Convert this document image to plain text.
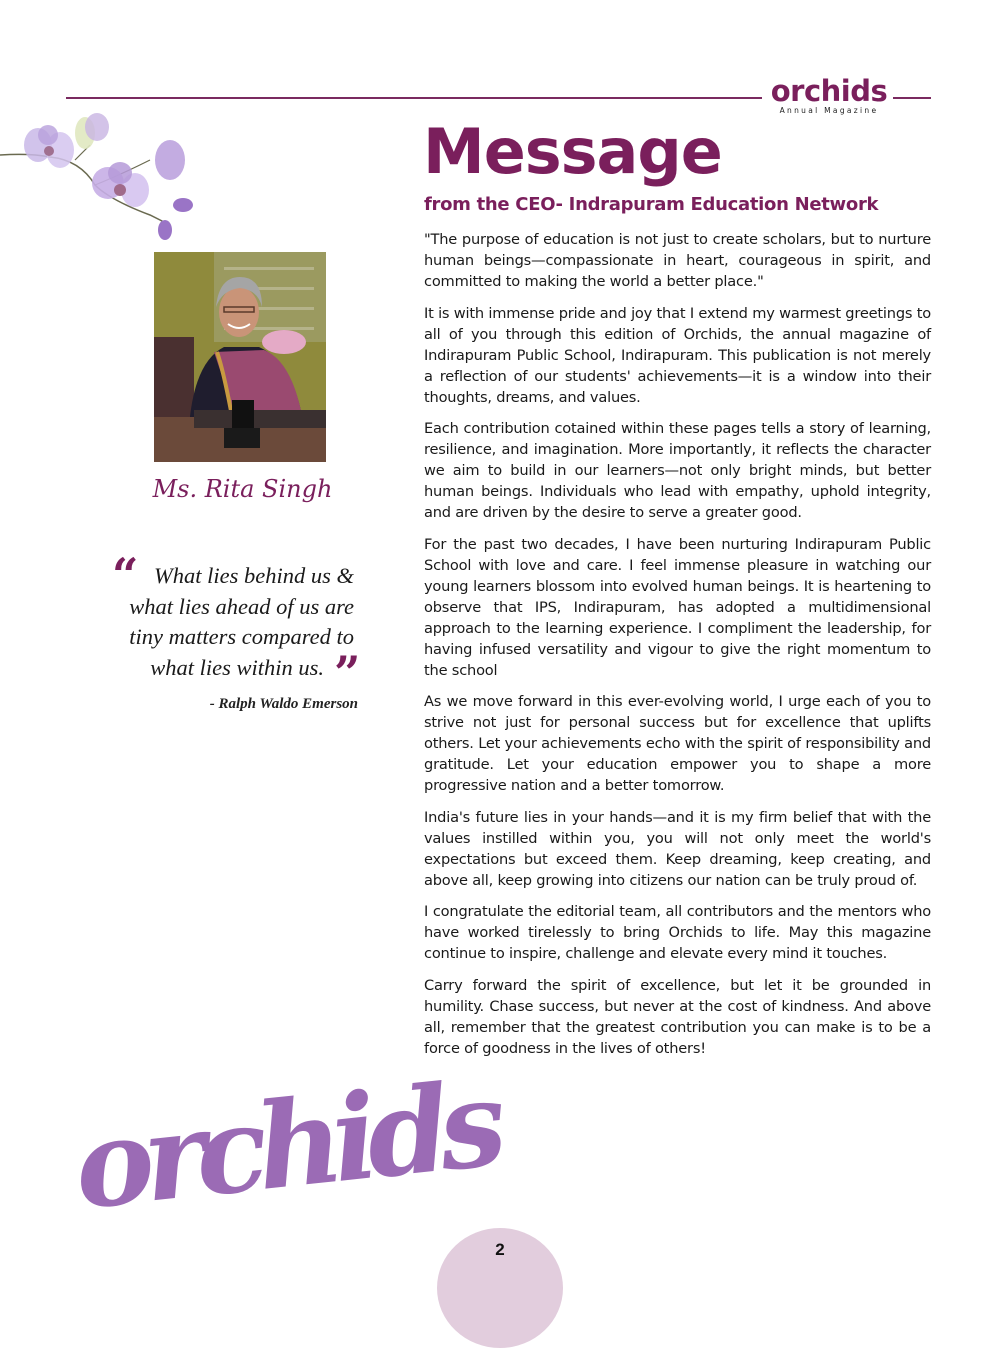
orchids
Annual Magazine
Message
from the CEO- Indrapuram Education Network

Ms. Rita Singh

“ What lies behind us &
what lies ahead of us are
tiny matters compared to
what lies within us. ”

- Ralph Waldo Emerson

"The purpose of education is not just to create scholars, but to nurture human beings—compassionate in heart, courageous in spirit, and committed to making the world a better place."

It is with immense pride and joy that I extend my warmest greetings to all of you through this edition of Orchids, the annual magazine of Indirapuram Public School, Indirapuram. This publication is not merely a reflection of our students' achievements—it is a window into their thoughts, dreams, and values.

Each contribution cotained within these pages tells a story of learning, resilience, and imagination. More importantly, it reflects the character we aim to build in our learners—not only bright minds, but better human beings. Individuals who lead with empathy, uphold integrity, and are driven by the desire to serve a greater good.

For the past two decades, I have been nurturing Indirapuram Public School with love and care. I feel immense pleasure in watching our young learners blossom into evolved human beings. It is heartening to observe that IPS, Indirapuram, has adopted a multidimensional approach to the learning experience. I compliment the leadership, for having infused versatility and vigour to give the right momentum to the school

As we move forward in this ever-evolving world, I urge each of you to strive not just for personal success but for excellence that uplifts others. Let your achievements echo with the spirit of responsibility and gratitude. Let your education empower you to shape a more progressive nation and a better tomorrow.

India's future lies in your hands—and it is my firm belief that with the values instilled within you, you will not only meet the world's expectations but exceed them. Keep dreaming, keep creating, and above all, keep growing into citizens our nation can be truly proud of.

I congratulate the editorial team, all contributors and the mentors who have worked tirelessly to bring Orchids to life. May this magazine continue to inspire, challenge and elevate every mind it touches.

Carry forward the spirit of excellence, but let it be grounded in humility. Chase success, but never at the cost of kindness. And above all, remember that the greatest contribution you can make is to be a force of goodness in the lives of others!

orchids
2
